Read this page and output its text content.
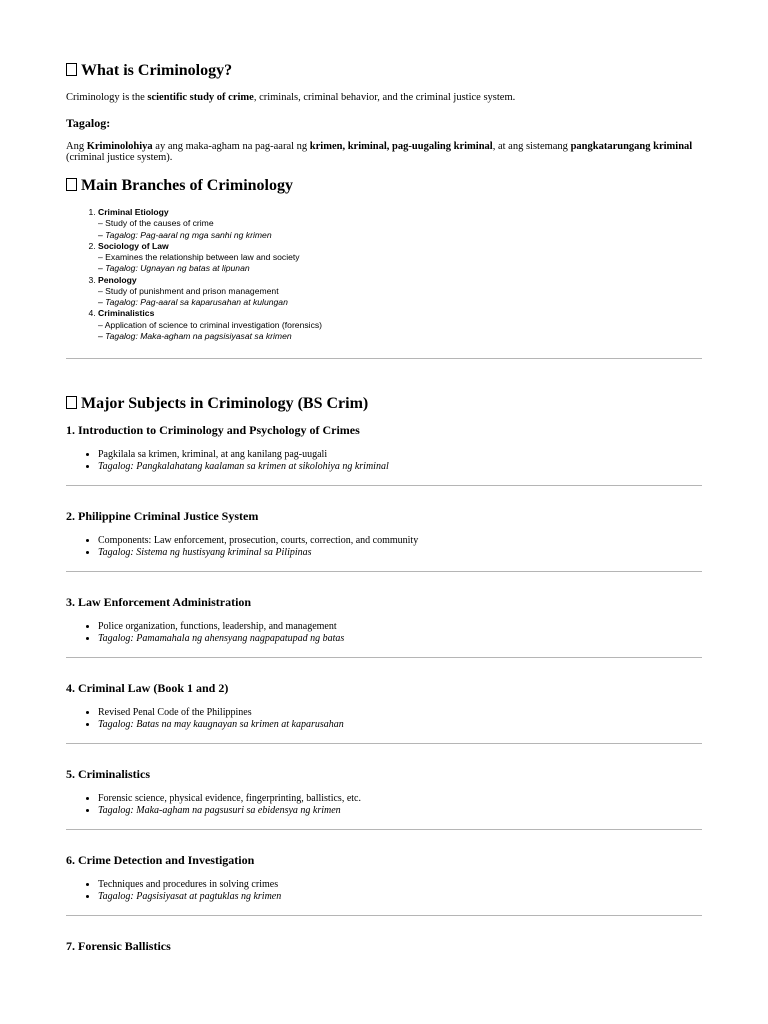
What is Criminology?
Criminology is the scientific study of crime, criminals, criminal behavior, and the criminal justice system.
Tagalog:
Ang Kriminolohiya ay ang maka-agham na pag-aaral ng krimen, kriminal, pag-uugaling kriminal, at ang sistemang pangkatarungang kriminal (criminal justice system).
Main Branches of Criminology
1. Criminal Etiology
– Study of the causes of crime
– Tagalog: Pag-aaral ng mga sanhi ng krimen
2. Sociology of Law
– Examines the relationship between law and society
– Tagalog: Ugnayan ng batas at lipunan
3. Penology
– Study of punishment and prison management
– Tagalog: Pag-aaral sa kaparusahan at kulungan
4. Criminalistics
– Application of science to criminal investigation (forensics)
– Tagalog: Maka-agham na pagsisiyasat sa krimen
Major Subjects in Criminology (BS Crim)
1. Introduction to Criminology and Psychology of Crimes
• Pagkilala sa krimen, kriminal, at ang kanilang pag-uugali
• Tagalog: Pangkalahatang kaalaman sa krimen at sikolohiya ng kriminal
2. Philippine Criminal Justice System
• Components: Law enforcement, prosecution, courts, correction, and community
• Tagalog: Sistema ng hustisyang kriminal sa Pilipinas
3. Law Enforcement Administration
• Police organization, functions, leadership, and management
• Tagalog: Pamamahala ng ahensyang nagpapatupad ng batas
4. Criminal Law (Book 1 and 2)
• Revised Penal Code of the Philippines
• Tagalog: Batas na may kaugnayan sa krimen at kaparusahan
5. Criminalistics
• Forensic science, physical evidence, fingerprinting, ballistics, etc.
• Tagalog: Maka-agham na pagsusuri sa ebidensya ng krimen
6. Crime Detection and Investigation
• Techniques and procedures in solving crimes
• Tagalog: Pagsisiyasat at pagtuklas ng krimen
7. Forensic Ballistics
